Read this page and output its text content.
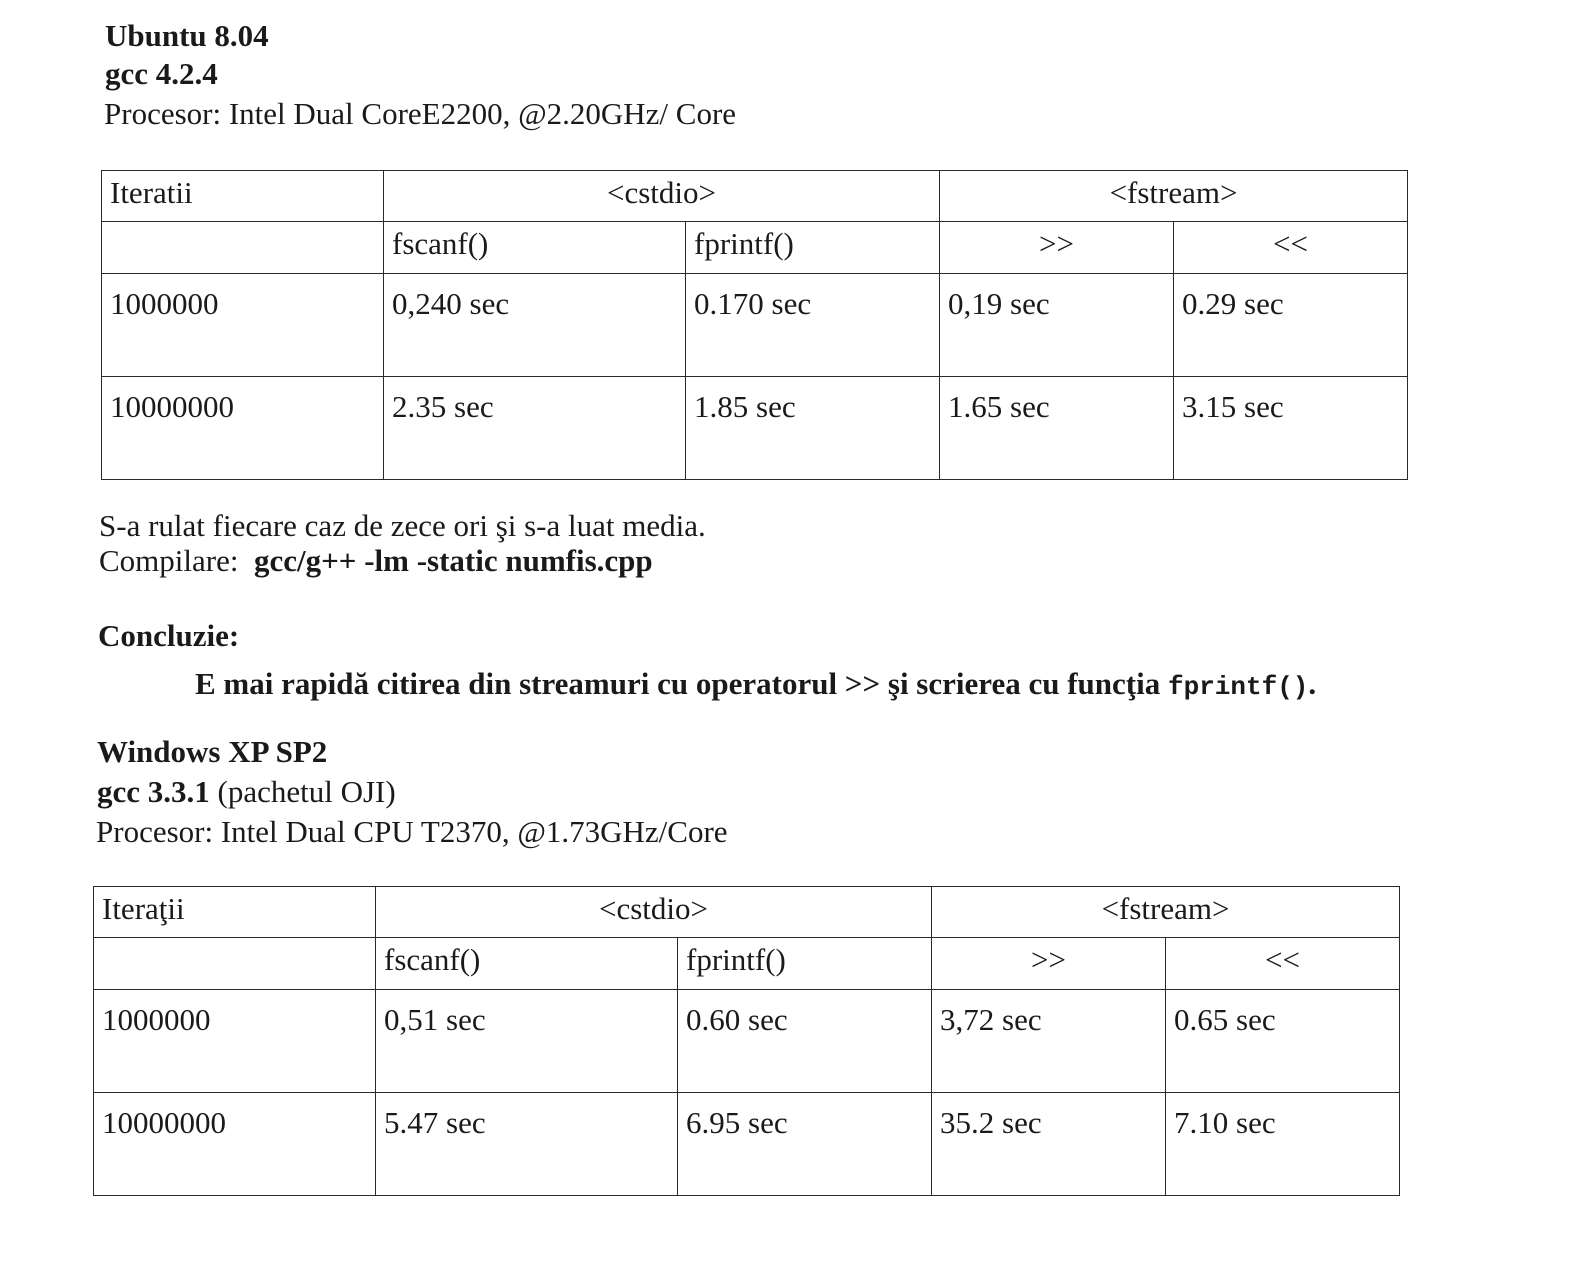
Ubuntu 8.04
gcc 4.2.4
Procesor: Intel Dual CoreE2200, @2.20GHz/ Core
Iteratii	<cstdio>		<fstream>	
	fscanf()	fprintf()	>>	<<
1000000	0,240 sec	0.170 sec	0,19 sec	0.29 sec
10000000	2.35 sec	1.85 sec	1.65 sec	3.15 sec
S-a rulat fiecare caz de zece ori şi s-a luat media.
Compilare: gcc/g++ -lm -static numfis.cpp
Concluzie:
E mai rapidă citirea din streamuri cu operatorul >> şi scrierea cu funcţia fprintf().
Windows XP SP2
gcc 3.3.1 (pachetul OJI)
Procesor: Intel Dual CPU T2370, @1.73GHz/Core
Iteraţii	<cstdio>		<fstream>	
	fscanf()	fprintf()	>>	<<
1000000	0,51 sec	0.60 sec	3,72 sec	0.65 sec
10000000	5.47 sec	6.95 sec	35.2 sec	7.10 sec
